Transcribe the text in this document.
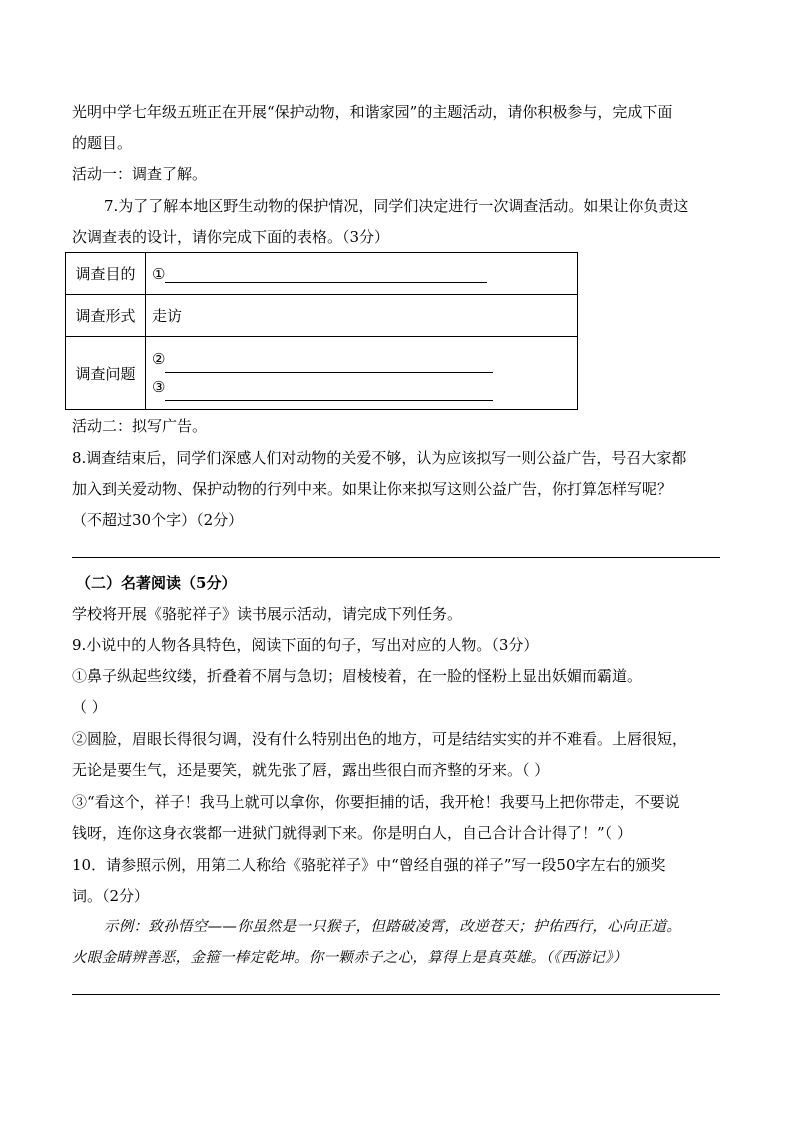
光明中学七年级五班正在开展“保护动物，和谐家园”的主题活动，请你积极参与，完成下面
的题目。
活动一：调查了解。
7.为了了解本地区野生动物的保护情况，同学们决定进行一次调查活动。如果让你负责这
次调查表的设计，请你完成下面的表格。（3分）
调查目的	①
调查形式	走访
调查问题	②
③
活动二：拟写广告。
8.调查结束后，同学们深感人们对动物的关爱不够，认为应该拟写一则公益广告，号召大家都
加入到关爱动物、保护动物的行列中来。如果让你来拟写这则公益广告，你打算怎样写呢？
（不超过30个字）（2分）
（二）名著阅读（5分）
学校将开展《骆驼祥子》读书展示活动，请完成下列任务。
9.小说中的人物各具特色，阅读下面的句子，写出对应的人物。（3分）
①鼻子纵起些纹缕，折叠着不屑与急切；眉棱棱着，在一脸的怪粉上显出妖媚而霸道。
（ ）
②圆脸，眉眼长得很匀调，没有什么特别出色的地方，可是结结实实的并不难看。上唇很短，
无论是要生气，还是要笑，就先张了唇，露出些很白而齐整的牙来。（ ）
③“看这个，祥子！我马上就可以拿你，你要拒捕的话，我开枪！我要马上把你带走，不要说
钱呀，连你这身衣裳都一进狱门就得剥下来。你是明白人，自己合计合计得了！”（ ）
10．请参照示例，用第二人称给《骆驼祥子》中“曾经自强的祥子”写一段50字左右的颁奖
词。（2分）
示例：致孙悟空——你虽然是一只猴子，但踏破凌霄，改逆苍天；护佑西行，心向正道。
火眼金睛辨善恶，金箍一棒定乾坤。你一颗赤子之心，算得上是真英雄。（《西游记》）
